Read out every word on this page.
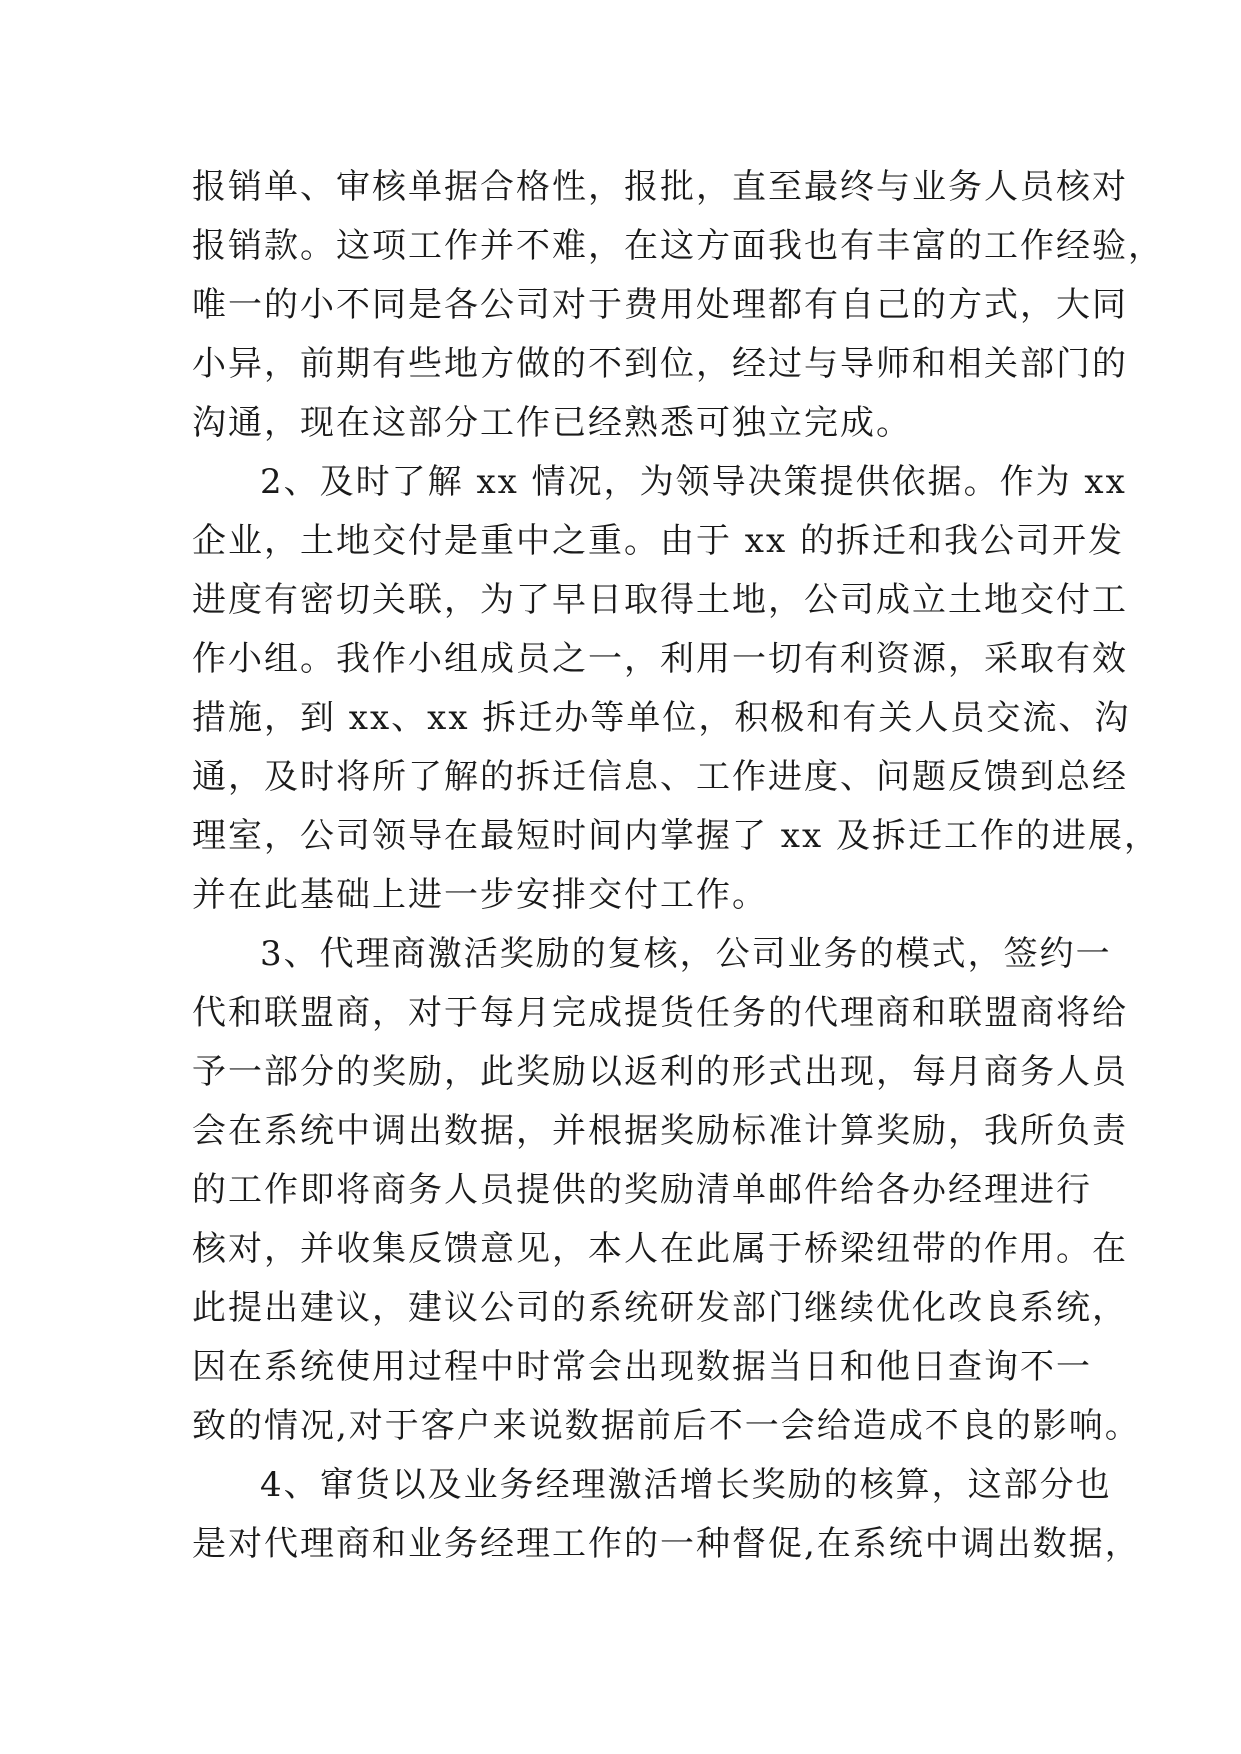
报销单、审核单据合格性，报批，直至最终与业务人员核对
报销款。这项工作并不难，在这方面我也有丰富的工作经验，
唯一的小不同是各公司对于费用处理都有自己的方式，大同
小异，前期有些地方做的不到位，经过与导师和相关部门的
沟通，现在这部分工作已经熟悉可独立完成。
2、及时了解 xx 情况，为领导决策提供依据。作为 xx
企业，土地交付是重中之重。由于 xx 的拆迁和我公司开发
进度有密切关联，为了早日取得土地，公司成立土地交付工
作小组。我作小组成员之一，利用一切有利资源，采取有效
措施，到 xx、xx 拆迁办等单位，积极和有关人员交流、沟
通，及时将所了解的拆迁信息、工作进度、问题反馈到总经
理室，公司领导在最短时间内掌握了 xx 及拆迁工作的进展，
并在此基础上进一步安排交付工作。
3、代理商激活奖励的复核，公司业务的模式，签约一
代和联盟商，对于每月完成提货任务的代理商和联盟商将给
予一部分的奖励，此奖励以返利的形式出现，每月商务人员
会在系统中调出数据，并根据奖励标准计算奖励，我所负责
的工作即将商务人员提供的奖励清单邮件给各办经理进行
核对，并收集反馈意见，本人在此属于桥梁纽带的作用。在
此提出建议，建议公司的系统研发部门继续优化改良系统，
因在系统使用过程中时常会出现数据当日和他日查询不一
致的情况,对于客户来说数据前后不一会给造成不良的影响。
4、窜货以及业务经理激活增长奖励的核算，这部分也
是对代理商和业务经理工作的一种督促,在系统中调出数据，
